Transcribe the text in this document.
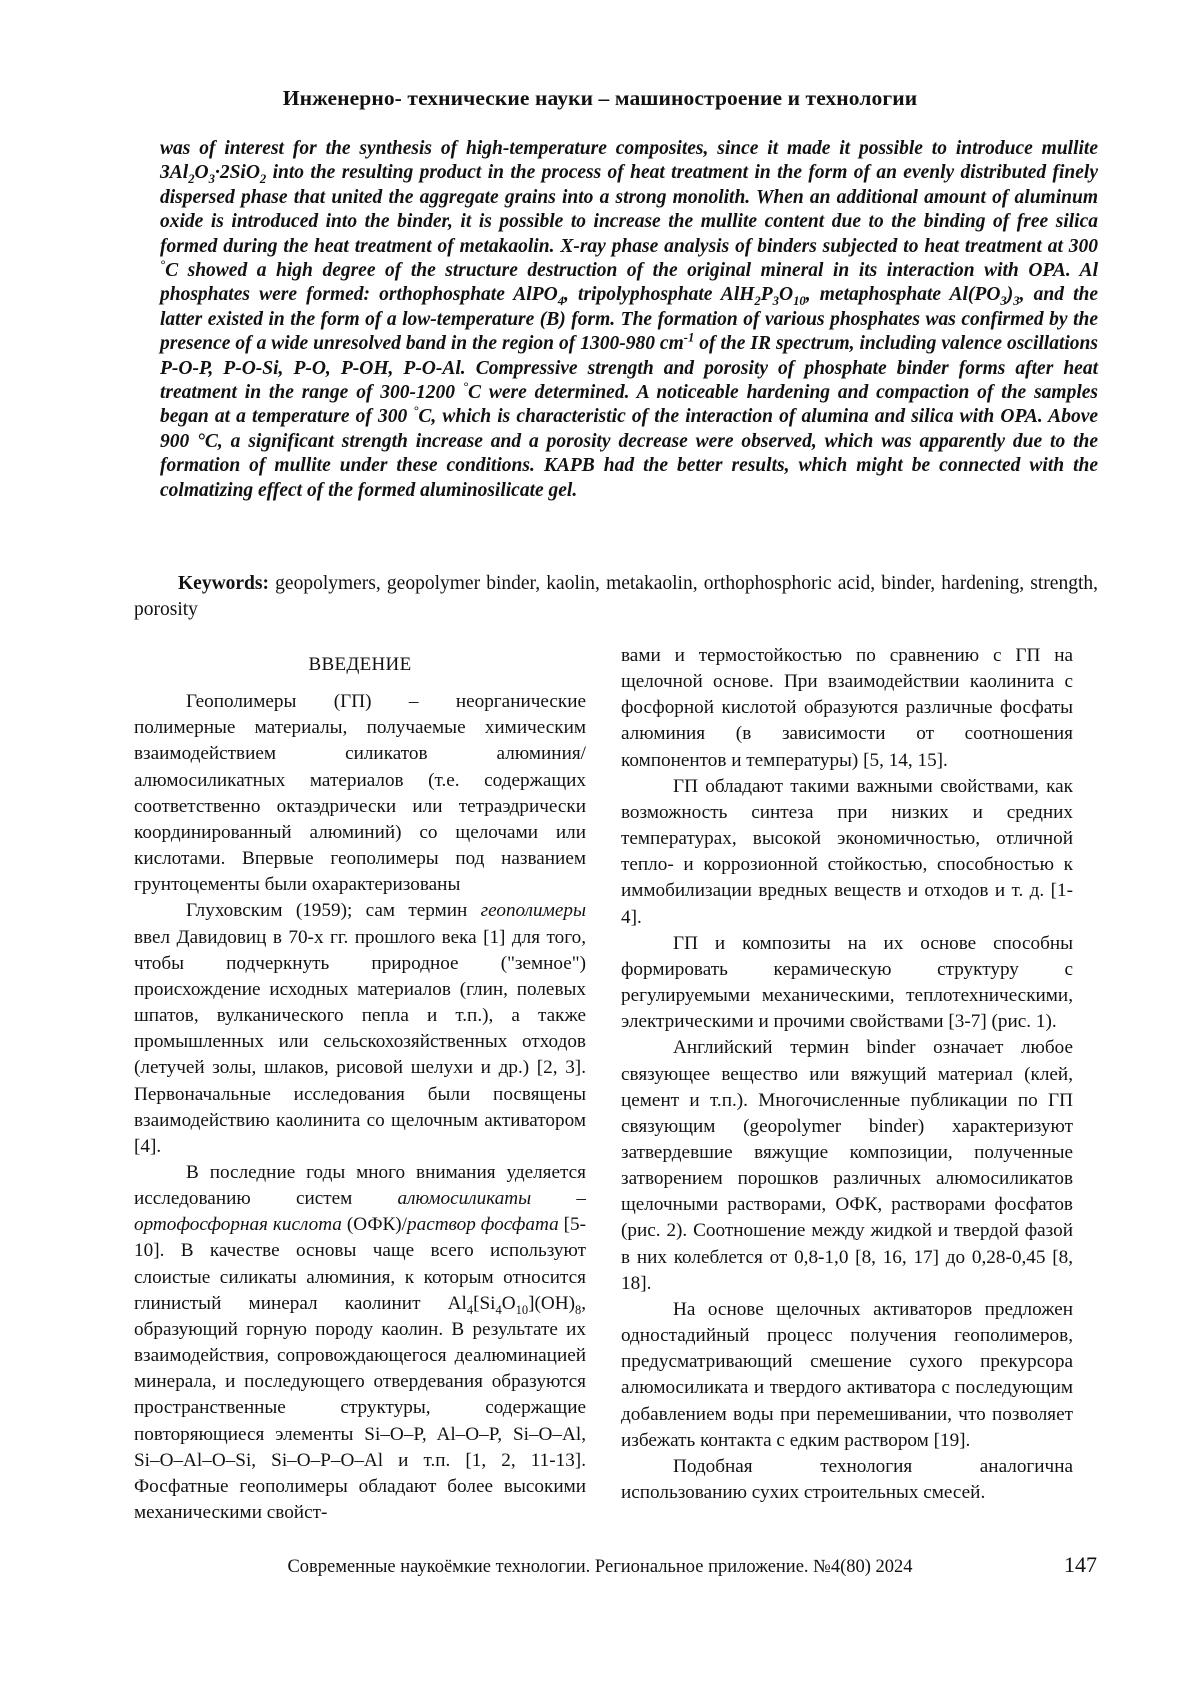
Инженерно- технические науки – машиностроение и технологии
was of interest for the synthesis of high-temperature composites, since it made it possible to introduce mullite $3Al_2O_3\cdot 2SiO_2$ into the resulting product in the process of heat treatment in the form of an evenly distributed finely dispersed phase that united the aggregate grains into a strong monolith. When an additional amount of aluminum oxide is introduced into the binder, it is possible to increase the mullite content due to the binding of free silica formed during the heat treatment of metakaolin. X-ray phase analysis of binders subjected to heat treatment at 300 °C showed a high degree of the structure destruction of the original mineral in its interaction with OPA. Al phosphates were formed: orthophosphate AlPO$_4$, tripolyphosphate $AlH_2P_3O_{10}$, metaphosphate $Al(PO_3)_3$, and the latter existed in the form of a low-temperature (B) form. The formation of various phosphates was confirmed by the presence of a wide unresolved band in the region of 1300-980 $cm^{-1}$ of the IR spectrum, including valence oscillations P-O-P, P-O-Si, P-O, P-OH, P-O-Al. Compressive strength and porosity of phosphate binder forms after heat treatment in the range of 300-1200 °C were determined. A noticeable hardening and compaction of the samples began at a temperature of 300 °C, which is characteristic of the interaction of alumina and silica with OPA. Above 900 °C, a significant strength increase and a porosity decrease were observed, which was apparently due to the formation of mullite under these conditions. KAPB had the better results, which might be connected with the colmatizing effect of the formed aluminosilicate gel.
Keywords: geopolymers, geopolymer binder, kaolin, metakaolin, orthophosphoric acid, binder, hardening, strength, porosity
ВВЕДЕНИЕ

Геополимеры (ГП) – неорганические полимерные материалы, получаемые химическим взаимодействием силикатов алюминия/ алюмосиликатных материалов (т.е. содержащих соответственно октаэдрически или тетраэдрически координированный алюминий) со щелочами или кислотами. Впервые геополимеры под названием грунтоцементы были охарактеризованы

Глуховским (1959); сам термин геополимеры ввел Давидовиц в 70-х гг. прошлого века [1] для того, чтобы подчеркнуть природное ("земное") происхождение исходных материалов (глин, полевых шпатов, вулканического пепла и т.п.), а также промышленных или сельскохозяйственных отходов (летучей золы, шлаков, рисовой шелухи и др.) [2, 3]. Первоначальные исследования были посвящены взаимодействию каолинита со щелочным активатором [4].

В последние годы много внимания уделяется исследованию систем алюмосиликаты – ортофосфорная кислота (ОФК)/раствор фосфата [5-10]. В качестве основы чаще всего используют слоистые силикаты алюминия, к которым относится глинистый минерал каолинит $Al_4[Si_4O_{10}](OH)_8$, образующий горную породу каолин. В результате их взаимодействия, сопровождающегося деалюминацией минерала, и последующего отвердевания образуются пространственные структуры, содержащие повторяющиеся элементы Si–O–P, Al–O–P, Si–O–Al, Si–O–Al–O–Si, Si–O–P–O–Al и т.п. [1, 2, 11-13]. Фосфатные геополимеры обладают более высокими механическими свойст-

вами и термостойкостью по сравнению с ГП на щелочной основе. При взаимодействии каолинита с фосфорной кислотой образуются различные фосфаты алюминия (в зависимости от соотношения компонентов и температуры) [5, 14, 15].

ГП обладают такими важными свойствами, как возможность синтеза при низких и средних температурах, высокой экономичностью, отличной тепло- и коррозионной стойкостью, способностью к иммобилизации вредных веществ и отходов и т. д. [1-4].

ГП и композиты на их основе способны формировать керамическую структуру с регулируемыми механическими, теплотехническими, электрическими и прочими свойствами [3-7] (рис. 1).

Английский термин binder означает любое связующее вещество или вяжущий материал (клей, цемент и т.п.). Многочисленные публикации по ГП связующим (geopolymer binder) характеризуют затвердевшие вяжущие композиции, полученные затворением порошков различных алюмосиликатов щелочными растворами, ОФК, растворами фосфатов (рис. 2). Соотношение между жидкой и твердой фазой в них колеблется от 0,8-1,0 [8, 16, 17] до 0,28-0,45 [8, 18].

На основе щелочных активаторов предложен одностадийный процесс получения геополимеров, предусматривающий смешение сухого прекурсора алюмосиликата и твердого активатора с последующим добавлением воды при перемешивании, что позволяет избежать контакта с едким раствором [19].

Подобная технология аналогична использованию сухих строительных смесей.

Современные наукоёмкие технологии. Региональное приложение. №4(80) 2024	147
